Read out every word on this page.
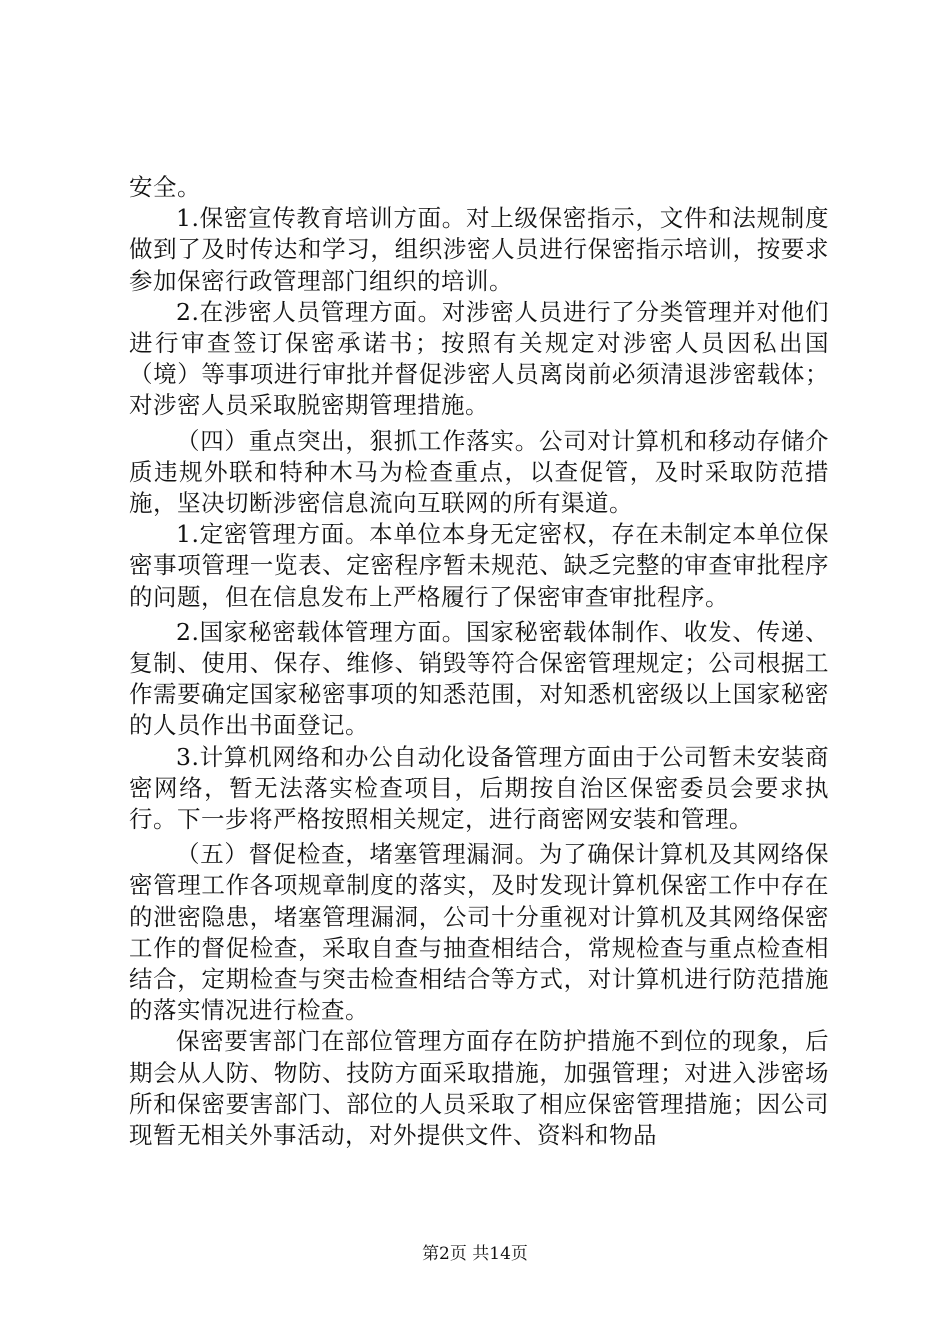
安全。

1.保密宣传教育培训方面。对上级保密指示，文件和法规制度做到了及时传达和学习，组织涉密人员进行保密指示培训，按要求参加保密行政管理部门组织的培训。

2.在涉密人员管理方面。对涉密人员进行了分类管理并对他们进行审查签订保密承诺书；按照有关规定对涉密人员因私出国（境）等事项进行审批并督促涉密人员离岗前必须清退涉密载体；对涉密人员采取脱密期管理措施。

（四）重点突出，狠抓工作落实。公司对计算机和移动存储介质违规外联和特种木马为检查重点，以查促管，及时采取防范措施，坚决切断涉密信息流向互联网的所有渠道。

1.定密管理方面。本单位本身无定密权，存在未制定本单位保密事项管理一览表、定密程序暂未规范、缺乏完整的审查审批程序的问题，但在信息发布上严格履行了保密审查审批程序。

2.国家秘密载体管理方面。国家秘密载体制作、收发、传递、复制、使用、保存、维修、销毁等符合保密管理规定；公司根据工作需要确定国家秘密事项的知悉范围，对知悉机密级以上国家秘密的人员作出书面登记。

3.计算机网络和办公自动化设备管理方面由于公司暂未安装商密网络，暂无法落实检查项目，后期按自治区保密委员会要求执行。下一步将严格按照相关规定，进行商密网安装和管理。

（五）督促检查，堵塞管理漏洞。为了确保计算机及其网络保密管理工作各项规章制度的落实，及时发现计算机保密工作中存在的泄密隐患，堵塞管理漏洞，公司十分重视对计算机及其网络保密工作的督促检查，采取自查与抽查相结合，常规检查与重点检查相结合，定期检查与突击检查相结合等方式，对计算机进行防范措施的落实情况进行检查。

保密要害部门在部位管理方面存在防护措施不到位的现象，后期会从人防、物防、技防方面采取措施，加强管理；对进入涉密场所和保密要害部门、部位的人员采取了相应保密管理措施；因公司现暂无相关外事活动，对外提供文件、资料和物品

第2页 共14页
